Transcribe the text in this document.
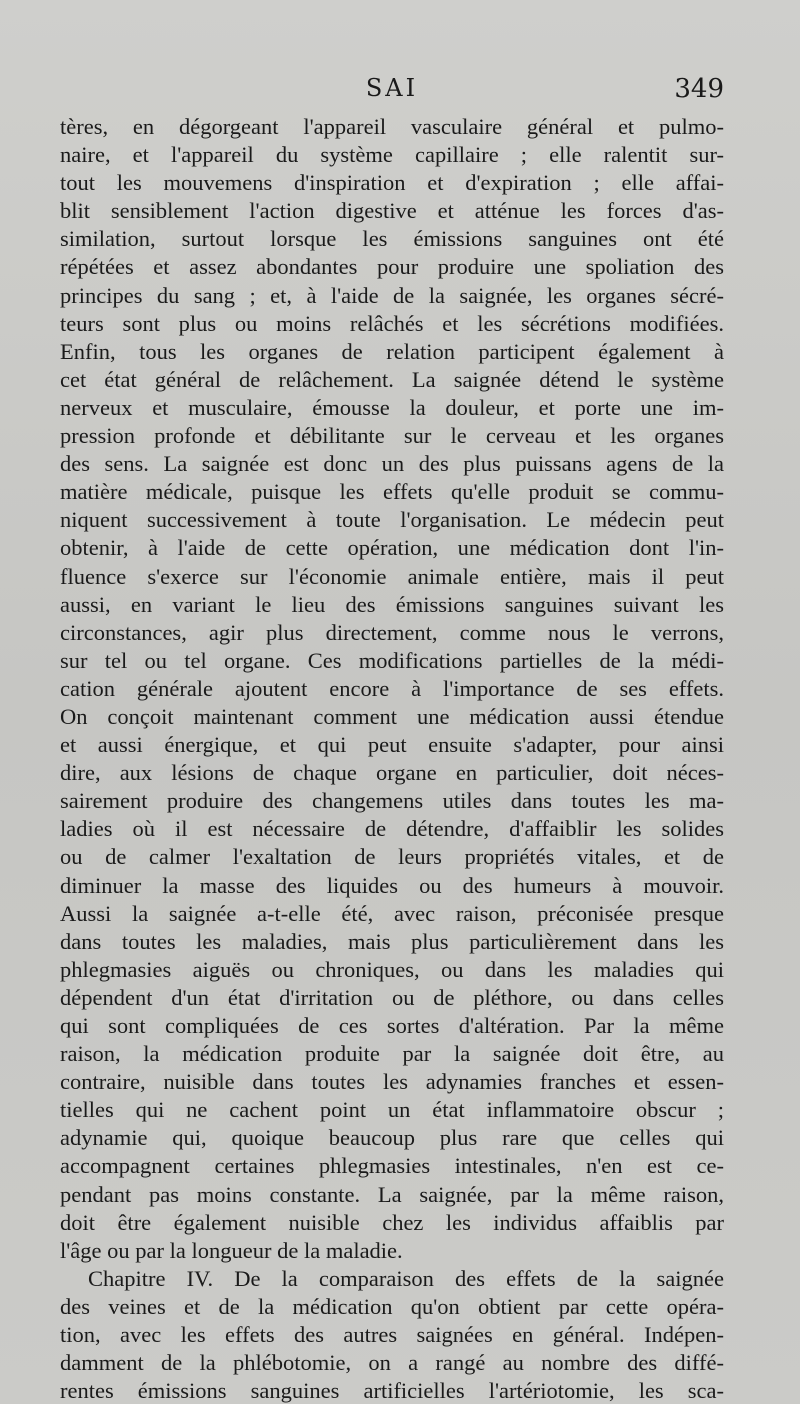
SAI	349
tères, en dégorgeant l'appareil vasculaire général et pulmo-
naire, et l'appareil du système capillaire ; elle ralentit sur-
tout les mouvemens d'inspiration et d'expiration ; elle affai-
blit sensiblement l'action digestive et atténue les forces d'as-
similation, surtout lorsque les émissions sanguines ont été
répétées et assez abondantes pour produire une spoliation des
principes du sang ; et, à l'aide de la saignée, les organes sécré-
teurs sont plus ou moins relâchés et les sécrétions modifiées.
Enfin, tous les organes de relation participent également à
cet état général de relâchement. La saignée détend le système
nerveux et musculaire, émousse la douleur, et porte une im-
pression profonde et débilitante sur le cerveau et les organes
des sens. La saignée est donc un des plus puissans agens de la
matière médicale, puisque les effets qu'elle produit se commu-
niquent successivement à toute l'organisation. Le médecin peut
obtenir, à l'aide de cette opération, une médication dont l'in-
fluence s'exerce sur l'économie animale entière, mais il peut
aussi, en variant le lieu des émissions sanguines suivant les
circonstances, agir plus directement, comme nous le verrons,
sur tel ou tel organe. Ces modifications partielles de la médi-
cation générale ajoutent encore à l'importance de ses effets.
On conçoit maintenant comment une médication aussi étendue
et aussi énergique, et qui peut ensuite s'adapter, pour ainsi
dire, aux lésions de chaque organe en particulier, doit néces-
sairement produire des changemens utiles dans toutes les ma-
ladies où il est nécessaire de détendre, d'affaiblir les solides
ou de calmer l'exaltation de leurs propriétés vitales, et de
diminuer la masse des liquides ou des humeurs à mouvoir.
Aussi la saignée a-t-elle été, avec raison, préconisée presque
dans toutes les maladies, mais plus particulièrement dans les
phlegmasies aiguës ou chroniques, ou dans les maladies qui
dépendent d'un état d'irritation ou de pléthore, ou dans celles
qui sont compliquées de ces sortes d'altération. Par la même
raison, la médication produite par la saignée doit être, au
contraire, nuisible dans toutes les adynamies franches et essen-
tielles qui ne cachent point un état inflammatoire obscur ;
adynamie qui, quoique beaucoup plus rare que celles qui
accompagnent certaines phlegmasies intestinales, n'en est ce-
pendant pas moins constante. La saignée, par la même raison,
doit être également nuisible chez les individus affaiblis par
l'âge ou par la longueur de la maladie.
Chapitre IV. De la comparaison des effets de la saignée
des veines et de la médication qu'on obtient par cette opéra-
tion, avec les effets des autres saignées en général. Indépen-
damment de la phlébotomie, on a rangé au nombre des diffé-
rentes émissions sanguines artificielles l'artériotomie, les sca-
